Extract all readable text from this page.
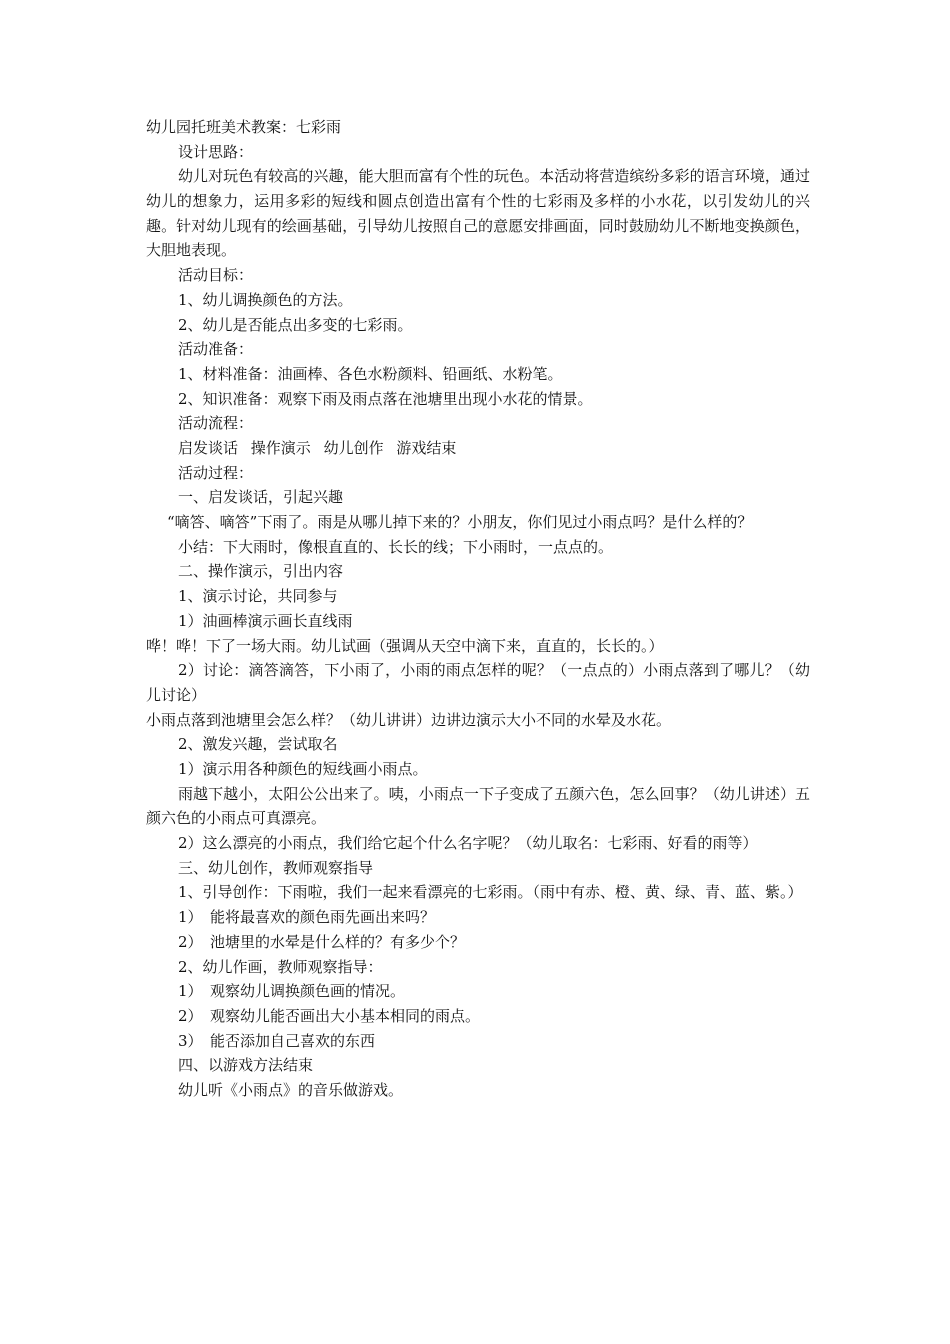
幼儿园托班美术教案：七彩雨
设计思路：
幼儿对玩色有较高的兴趣，能大胆而富有个性的玩色。本活动将营造缤纷多彩的语言环境，通过幼儿的想象力，运用多彩的短线和圆点创造出富有个性的七彩雨及多样的小水花，以引发幼儿的兴趣。针对幼儿现有的绘画基础，引导幼儿按照自己的意愿安排画面，同时鼓励幼儿不断地变换颜色，大胆地表现。
活动目标：
1、幼儿调换颜色的方法。
2、幼儿是否能点出多变的七彩雨。
活动准备：
1、材料准备：油画棒、各色水粉颜料、铅画纸、水粉笔。
2、知识准备：观察下雨及雨点落在池塘里出现小水花的情景。
活动流程：
启发谈话 操作演示 幼儿创作 游戏结束
活动过程：
一、启发谈话，引起兴趣
“嘀答、嘀答”下雨了。雨是从哪儿掉下来的？小朋友，你们见过小雨点吗？是什么样的？
小结：下大雨时，像根直直的、长长的线；下小雨时，一点点的。
二、操作演示，引出内容
1、演示讨论，共同参与
1）油画棒演示画长直线雨
哗！哗！下了一场大雨。幼儿试画（强调从天空中滴下来，直直的，长长的。）
2）讨论：滴答滴答，下小雨了，小雨的雨点怎样的呢？（一点点的）小雨点落到了哪儿？（幼儿讨论）
小雨点落到池塘里会怎么样？（幼儿讲讲）边讲边演示大小不同的水晕及水花。
2、激发兴趣，尝试取名
1）演示用各种颜色的短线画小雨点。
雨越下越小，太阳公公出来了。咦，小雨点一下子变成了五颜六色，怎么回事？（幼儿讲述）五颜六色的小雨点可真漂亮。
2）这么漂亮的小雨点，我们给它起个什么名字呢？（幼儿取名：七彩雨、好看的雨等）
三、幼儿创作，教师观察指导
1、引导创作：下雨啦，我们一起来看漂亮的七彩雨。（雨中有赤、橙、黄、绿、青、蓝、紫。）
1）　能将最喜欢的颜色雨先画出来吗？
2）　池塘里的水晕是什么样的？有多少个？
2、幼儿作画，教师观察指导：
1）　观察幼儿调换颜色画的情况。
2）　观察幼儿能否画出大小基本相同的雨点。
3）　能否添加自己喜欢的东西
四、以游戏方法结束
幼儿听《小雨点》的音乐做游戏。
